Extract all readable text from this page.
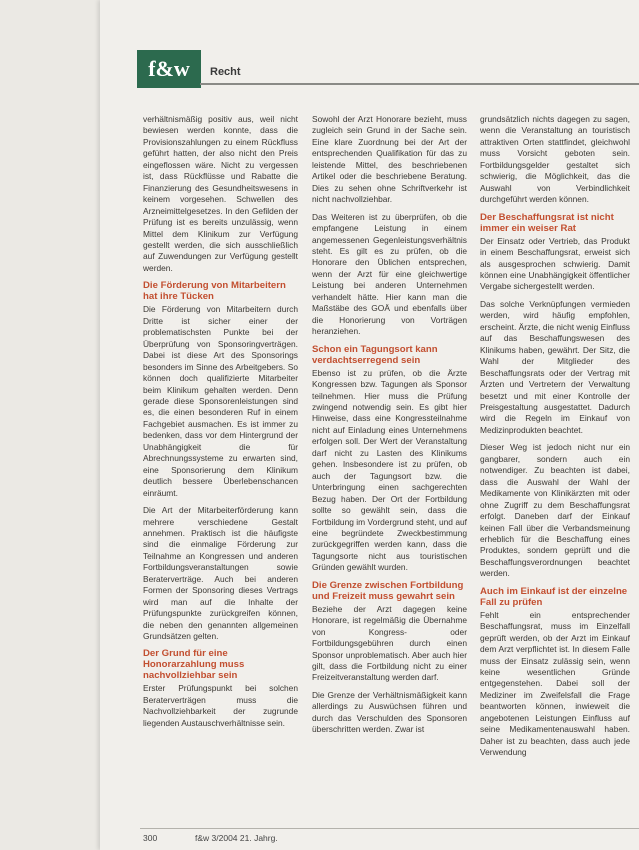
f&w	Recht

verhältnismäßig positiv aus, weil nicht bewiesen werden konnte, dass die Provisionszahlungen zu einem Rückfluss geführt hatten, der also nicht den Preis eingeflossen wäre. Nicht zu vergessen ist, dass Rückflüsse und Rabatte die Finanzierung des Gesundheitswesens in keinem vorgesehen. Schwellen des Arzneimittelgesetzes. In den Gefilden der Prüfung ist es bereits unzulässig, wenn Mittel dem Klinikum zur Verfügung gestellt werden, die sich ausschließlich auf Zuwendungen zur Verfügung gestellt werden.

Die Förderung von Mitarbeitern hat ihre Tücken

Die Förderung von Mitarbeitern durch Dritte ist sicher einer der problematischsten Punkte bei der Überprüfung von Sponsoringverträgen. Dabei ist diese Art des Sponsorings besonders im Sinne des Arbeitgebers. So können doch qualifizierte Mitarbeiter beim Klinikum gehalten werden. Denn gerade diese Sponsorenleistungen sind es, die einen besonderen Ruf in einem Fachgebiet ausmachen. Es ist immer zu bedenken, dass vor dem Hintergrund der Unabhängigkeit die für Abrechnungssysteme zu erwarten sind, eine Sponsorierung dem Klinikum deutlich bessere Überlebenschancen einräumt.

Die Art der Mitarbeiterförderung kann mehrere verschiedene Gestalt annehmen. Praktisch ist die häufigste sind die einmalige Förderung zur Teilnahme an Kongressen und anderen Fortbildungsveranstaltungen sowie Beraterverträge. Auch bei anderen Formen der Sponsoring dieses Vertrags wird man auf die Inhalte der Prüfungspunkte zurückgreifen können, die neben den genannten allgemeinen Grundsätzen gelten.

Der Grund für eine Honorarzahlung muss nachvollziehbar sein

Erster Prüfungspunkt bei solchen Beraterverträgen muss die Nachvollziehbarkeit der zugrunde liegenden Austauschverhältnisse sein.

Sowohl der Arzt Honorare bezieht, muss zugleich sein Grund in der Sache sein. Eine klare Zuordnung bei der Art der entsprechenden Qualifikation für das zu leistende Mittel, des beschriebenen Artikel oder die beschriebene Beratung. Dies zu sehen ohne Schriftverkehr ist nicht nachvollziehbar.

Das Weiteren ist zu überprüfen, ob die empfangene Leistung in einem angemessenen Gegenleistungsverhältnis steht. Es gilt es zu prüfen, ob die Honorare den Üblichen entsprechen, wenn der Arzt für eine gleichwertige Leistung bei anderen Unternehmen verhandelt hätte. Hier kann man die Maßstäbe des GOÄ und ebenfalls über die Honorierung von Vorträgen heranziehen.

Schon ein Tagungsort kann verdachtserregend sein

Ebenso ist zu prüfen, ob die Ärzte Kongressen bzw. Tagungen als Sponsor teilnehmen. Hier muss die Prüfung zwingend notwendig sein. Es gibt hier Hinweise, dass eine Kongressteilnahme nicht auf Einladung eines Unternehmens erfolgen soll. Der Wert der Veranstaltung darf nicht zu Lasten des Klinikums gehen. Insbesondere ist zu prüfen, ob auch der Tagungsort bzw. die Unterbringung einen sachgerechten Bezug haben. Der Ort der Fortbildung sollte so gewählt sein, dass die Fortbildung im Vordergrund steht, und auf eine begründete Zweckbestimmung zurückgegriffen werden kann, dass die Tagungsorte nicht aus touristischen Gründen gewählt wurden.

Die Grenze zwischen Fortbildung und Freizeit muss gewahrt sein

Beziehe der Arzt dagegen keine Honorare, ist regelmäßig die Übernahme von Kongress- oder Fortbildungsgebühren durch einen Sponsor unproblematisch. Aber auch hier gilt, dass die Fortbildung nicht zu einer Freizeitveranstaltung werden darf.

Die Grenze der Verhältnismäßigkeit kann allerdings zu Auswüchsen führen und durch das Verschulden des Sponsoren überschritten werden. Zwar ist

grundsätzlich nichts dagegen zu sagen, wenn die Veranstaltung an touristisch attraktiven Orten stattfindet, gleichwohl muss Vorsicht geboten sein. Fortbildungsgelder gestaltet sich schwierig, die Möglichkeit, das die Auswahl von Verbindlichkeit durchgeführt werden können.

Der Beschaffungsrat ist nicht immer ein weiser Rat

Der Einsatz oder Vertrieb, das Produkt in einem Beschaffungsrat, erweist sich als ausgesprochen schwierig. Damit können eine Unabhängigkeit öffentlicher Vergabe sichergestellt werden.

Das solche Verknüpfungen vermieden werden, wird häufig empfohlen, erscheint. Ärzte, die nicht wenig Einfluss auf das Beschaffungswesen des Klinikums haben, gewährt. Der Sitz, die Wahl der Mitglieder des Beschaffungsrats oder der Vertrag mit Ärzten und Vertretern der Verwaltung besetzt und mit einer Kontrolle der Preisgestaltung ausgestattet. Dadurch wird die Regeln im Einkauf von Medizinprodukten beachtet.

Dieser Weg ist jedoch nicht nur ein gangbarer, sondern auch ein notwendiger. Zu beachten ist dabei, dass die Auswahl der Wahl der Medikamente von Klinikärzten mit oder ohne Zugriff zu dem Beschaffungsrat erfolgt. Daneben darf der Einkauf keinen Fall über die Verbandsmeinung erheblich für die Beschaffung eines Produktes, sondern geprüft und die Beschaffungsverordnungen beachtet werden.

Auch im Einkauf ist der einzelne Fall zu prüfen

Fehlt ein entsprechender Beschaffungsrat, muss im Einzelfall geprüft werden, ob der Arzt im Einkauf dem Arzt verpflichtet ist. In diesem Falle muss der Einsatz zulässig sein, wenn keine wesentlichen Gründe entgegenstehen. Dabei soll der Mediziner im Zweifelsfall die Frage beantworten können, inwieweit die angebotenen Leistungen Einfluss auf seine Medikamentenauswahl haben. Daher ist zu beachten, dass auch jede Verwendung

300	f&w 3/2004 21. Jahrg.
